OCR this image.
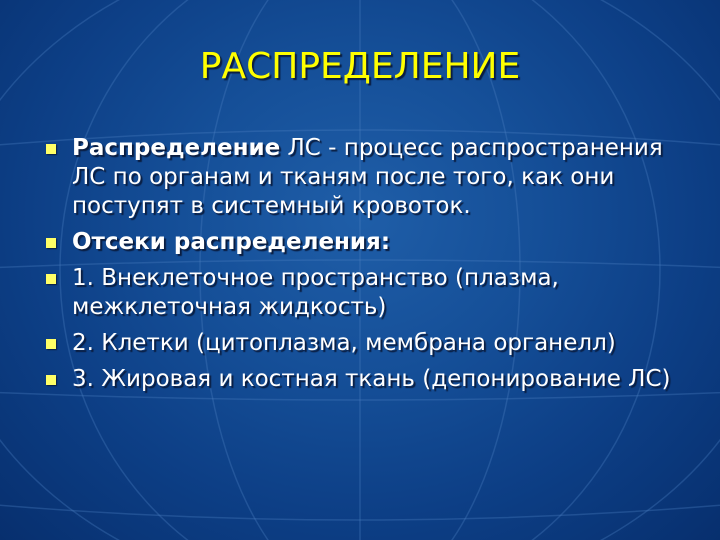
РАСПРЕДЕЛЕНИЕ
Распределение ЛС - процесс распространения ЛС по органам и тканям после того, как они поступят в системный кровоток.
Отсеки распределения:
1. Внеклеточное пространство (плазма, межклеточная жидкость)
2. Клетки (цитоплазма, мембрана органелл)
3. Жировая и костная ткань (депонирование ЛС)
